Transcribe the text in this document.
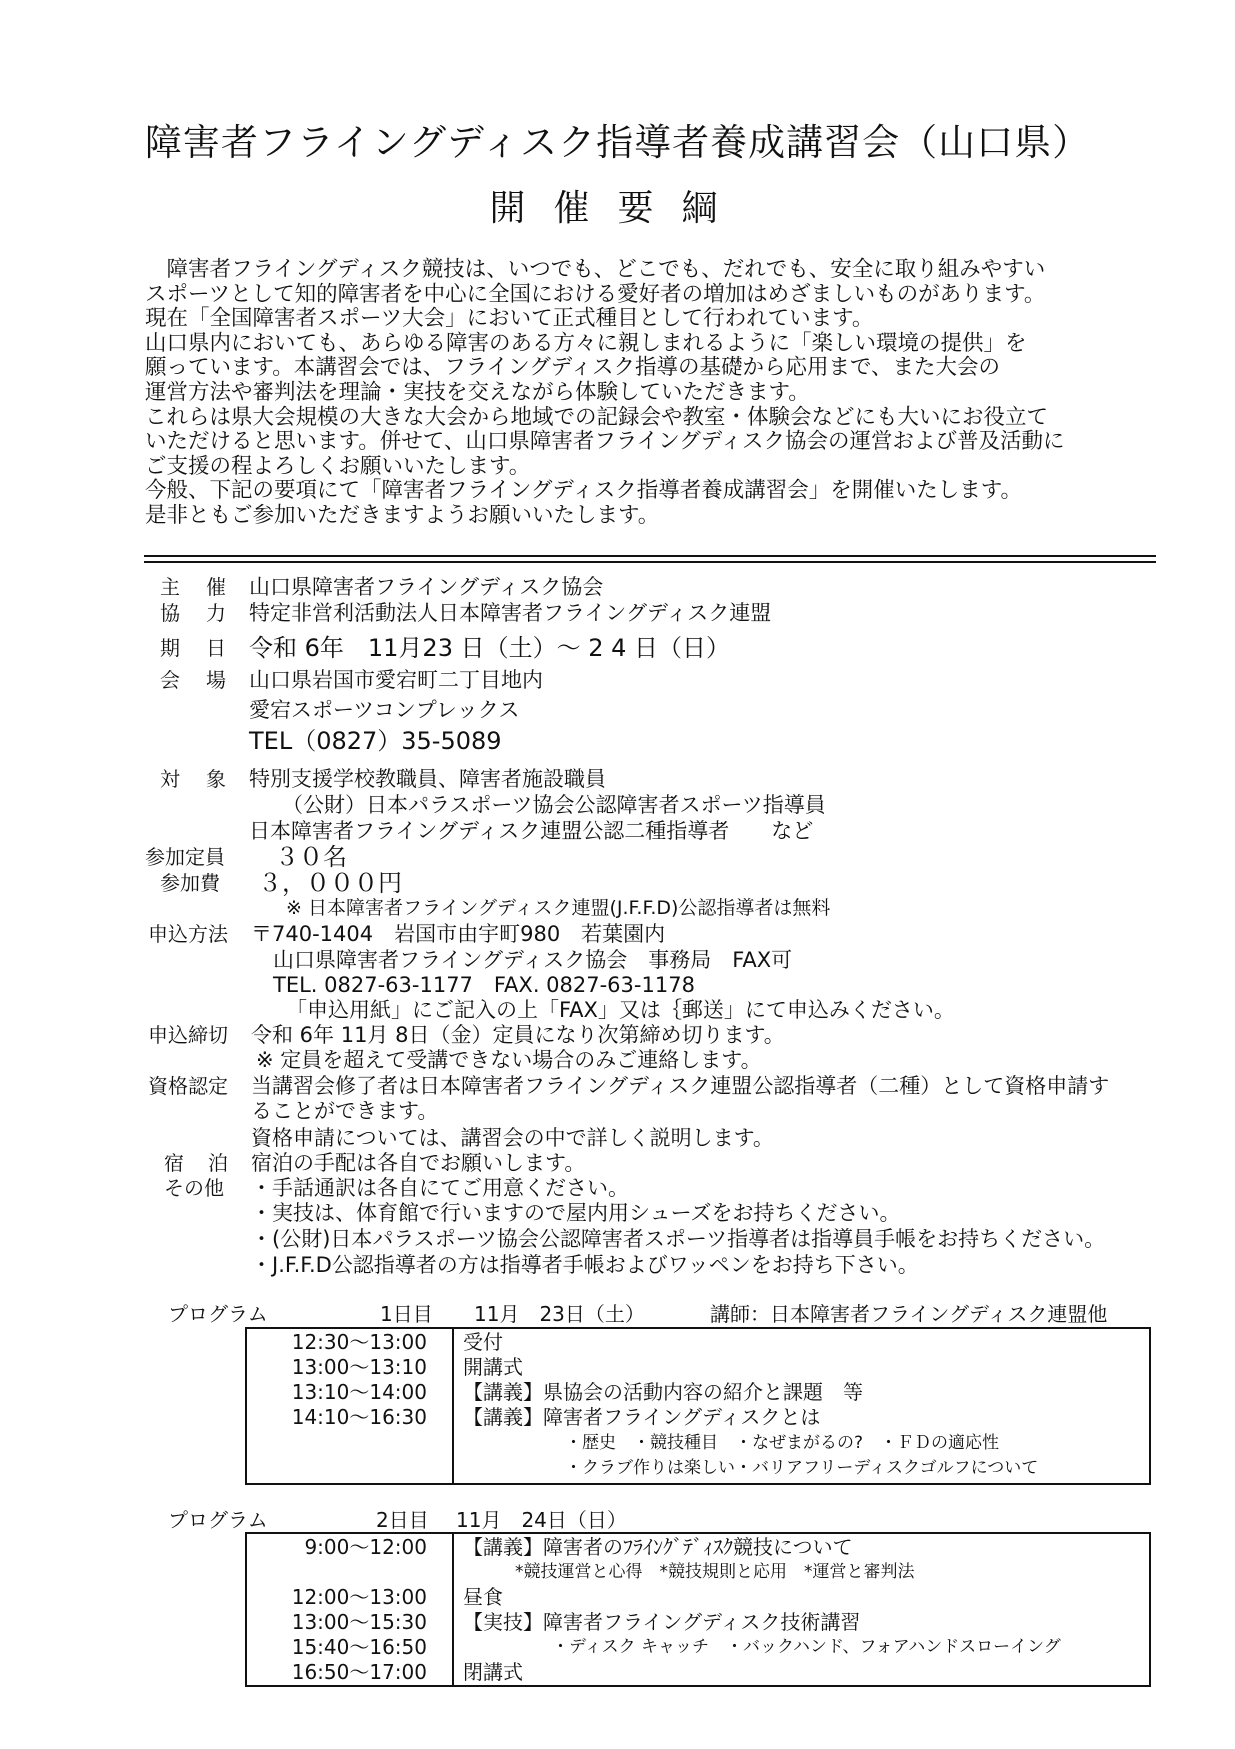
障害者フライングディスク指導者養成講習会（山口県）
開催要綱
　障害者フライングディスク競技は、いつでも、どこでも、だれでも、安全に取り組みやすい
スポーツとして知的障害者を中心に全国における愛好者の増加はめざましいものがあります。
現在「全国障害者スポーツ大会」において正式種目として行われています。
山口県内においても、あらゆる障害のある方々に親しまれるように「楽しい環境の提供」を
願っています。本講習会では、フライングディスク指導の基礎から応用まで、また大会の
運営方法や審判法を理論・実技を交えながら体験していただきます。
これらは県大会規模の大きな大会から地域での記録会や教室・体験会などにも大いにお役立て
いただけると思います。併せて、山口県障害者フライングディスク協会の運営および普及活動に
ご支援の程よろしくお願いいたします。
今般、下記の要項にて「障害者フライングディスク指導者養成講習会」を開催いたします。
是非ともご参加いただきますようお願いいたします。
主催 山口県障害者フライングディスク協会
協力 特定非営利活動法人日本障害者フライングディスク連盟
期日 令和 6年　11月23 日（土）～ 2 4 日（日）
会場 山口県岩国市愛宕町二丁目地内
愛宕スポーツコンプレックス
TEL（0827）35-5089
対象 特別支援学校教職員、障害者施設職員
（公財）日本パラスポーツ協会公認障害者スポーツ指導員
日本障害者フライングディスク連盟公認二種指導者　　など
参加定員	３０名
参加費	３，０００円
※ 日本障害者フライングディスク連盟(J.F.F.D)公認指導者は無料
申込方法	〒740-1404　岩国市由宇町980　若葉園内
山口県障害者フライングディスク協会　事務局　FAX可
TEL. 0827-63-1177　FAX. 0827-63-1178
「申込用紙」にご記入の上「FAX」又は｛郵送」にて申込みください。
申込締切	令和 6年 11月 8日（金）定員になり次第締め切ります。
※ 定員を超えて受講できない場合のみご連絡します。
資格認定	当講習会修了者は日本障害者フライングディスク連盟公認指導者（二種）として資格申請す
ることができます。
資格申請については、講習会の中で詳しく説明します。
宿泊 宿泊の手配は各自でお願いします。
その他	・手話通訳は各自にてご用意ください。
・実技は、体育館で行いますので屋内用シューズをお持ちください。
・(公財)日本パラスポーツ協会公認障害者スポーツ指導者は指導員手帳をお持ちください。
・J.F.F.D公認指導者の方は指導者手帳およびワッペンをお持ち下さい。
プログラム	1日目 11月　23日（土）	講師：日本障害者フライングディスク連盟他
12:30～13:00 受付
13:00～13:10 開講式
13:10～14:00 【講義】県協会の活動内容の紹介と課題　等
14:10～16:30 【講義】障害者フライングディスクとは
・歴史　・競技種目　・なぜまがるの?　・ＦＤの適応性
・クラブ作りは楽しい・バリアフリーディスクゴルフについて
プログラム	2日目 11月　24日（日）
9:00～12:00 【講義】障害者のﾌﾗｲﾝｸﾞﾃﾞｨｽｸ競技について
*競技運営と心得　*競技規則と応用　*運営と審判法
12:00～13:00 昼食
13:00～15:30 【実技】障害者フライングディスク技術講習
15:40～16:50	・ディスク キャッチ　・バックハンド、フォアハンドスローイング
16:50～17:00 閉講式
